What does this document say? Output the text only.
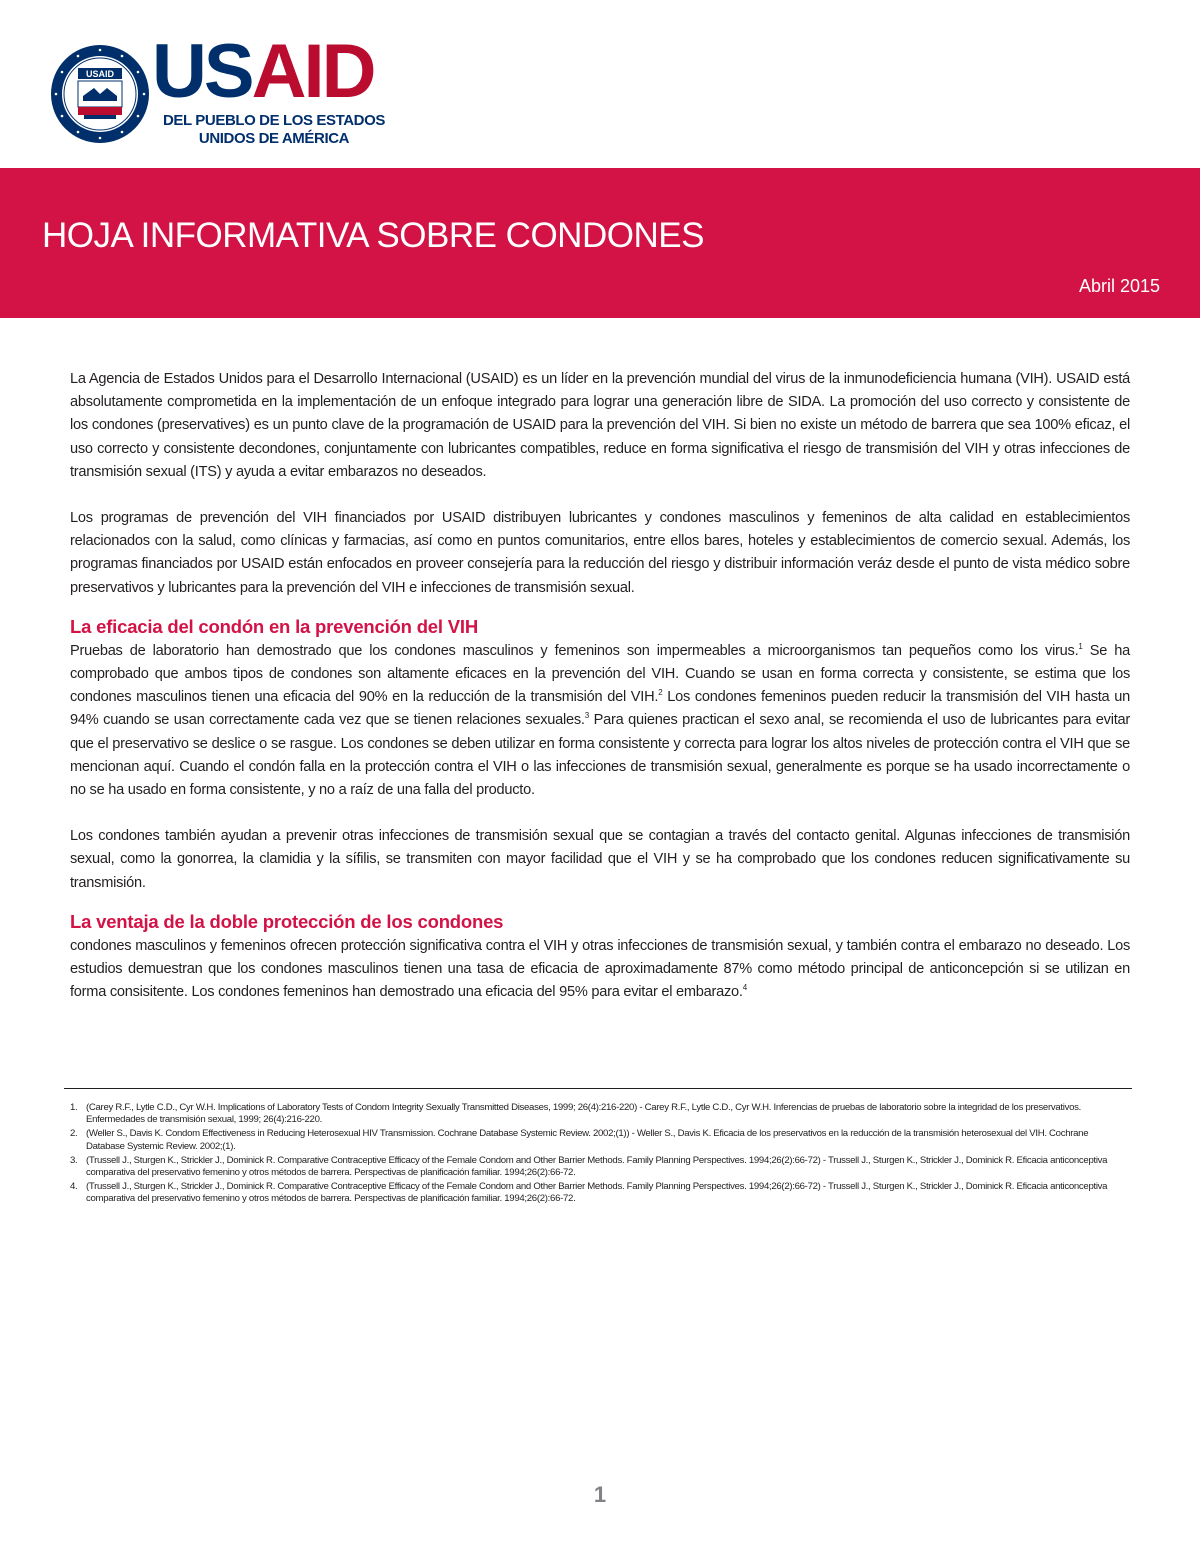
USAID USAID
DEL PUEBLO DE LOS ESTADOS
UNIDOS DE AMÉRICA
HOJA INFORMATIVA SOBRE CONDONES
Abril 2015

La Agencia de Estados Unidos para el Desarrollo Internacional (USAID) es un líder en la prevención mundial del virus de la inmunodeficiencia humana (VIH). USAID está absolutamente comprometida en la implementación de un enfoque integrado para lograr una generación libre de SIDA. La promoción del uso correcto y consistente de los condones (preservatives) es un punto clave de la programación de USAID para la prevención del VIH. Si bien no existe un método de barrera que sea 100% eficaz, el uso correcto y consistente decondones, conjuntamente con lubricantes compatibles, reduce en forma significativa el riesgo de transmisión del VIH y otras infecciones de transmisión sexual (ITS) y ayuda a evitar embarazos no deseados.

Los programas de prevención del VIH financiados por USAID distribuyen lubricantes y condones masculinos y femeninos de alta calidad en establecimientos relacionados con la salud, como clínicas y farmacias, así como en puntos comunitarios, entre ellos bares, hoteles y establecimientos de comercio sexual. Además, los programas financiados por USAID están enfocados en proveer consejería para la reducción del riesgo y distribuir información veráz desde el punto de vista médico sobre preservativos y lubricantes para la prevención del VIH e infecciones de transmisión sexual.

La eficacia del condón en la prevención del VIH

Pruebas de laboratorio han demostrado que los condones masculinos y femeninos son impermeables a microorganismos tan pequeños como los virus.$^1$ Se ha comprobado que ambos tipos de condones son altamente eficaces en la prevención del VIH. Cuando se usan en forma correcta y consistente, se estima que los condones masculinos tienen una eficacia del 90% en la reducción de la transmisión del VIH.$^2$ Los condones femeninos pueden reducir la transmisión del VIH hasta un 94% cuando se usan correctamente cada vez que se tienen relaciones sexuales.$^3$ Para quienes practican el sexo anal, se recomienda el uso de lubricantes para evitar que el preservativo se deslice o se rasgue. Los condones se deben utilizar en forma consistente y correcta para lograr los altos niveles de protección contra el VIH que se mencionan aquí. Cuando el condón falla en la protección contra el VIH o las infecciones de transmisión sexual, generalmente es porque se ha usado incorrectamente o no se ha usado en forma consistente, y no a raíz de una falla del producto.

Los condones también ayudan a prevenir otras infecciones de transmisión sexual que se contagian a través del contacto genital. Algunas infecciones de transmisión sexual, como la gonorrea, la clamidia y la sífilis, se transmiten con mayor facilidad que el VIH y se ha comprobado que los condones reducen significativamente su transmisión.

La ventaja de la doble protección de los condones

condones masculinos y femeninos ofrecen protección significativa contra el VIH y otras infecciones de transmisión sexual, y también contra el embarazo no deseado. Los estudios demuestran que los condones masculinos tienen una tasa de eficacia de aproximadamente 87% como método principal de anticoncepción si se utilizan en forma consisitente. Los condones femeninos han demostrado una eficacia del 95% para evitar el embarazo.$^4$

1. (Carey R.F., Lytle C.D., Cyr W.H. Implications of Laboratory Tests of Condom Integrity Sexually Transmitted Diseases, 1999; 26(4):216-220) - Carey R.F., Lytle C.D., Cyr W.H. Inferencias de pruebas de laboratorio sobre la integridad de los preservativos. Enfermedades de transmisión sexual, 1999; 26(4):216-220.
2. (Weller S., Davis K. Condom Effectiveness in Reducing Heterosexual HIV Transmission. Cochrane Database Systemic Review. 2002;(1)) - Weller S., Davis K. Eficacia de los preservativos en la reducción de la transmisión heterosexual del VIH. Cochrane Database Systemic Review. 2002;(1).
3. (Trussell J., Sturgen K., Strickler J., Dominick R. Comparative Contraceptive Efficacy of the Female Condom and Other Barrier Methods. Family Planning Perspectives. 1994;26(2):66-72) - Trussell J., Sturgen K., Strickler J., Dominick R. Eficacia anticonceptiva comparativa del preservativo femenino y otros métodos de barrera. Perspectivas de planificación familiar. 1994;26(2):66-72.
4. (Trussell J., Sturgen K., Strickler J., Dominick R. Comparative Contraceptive Efficacy of the Female Condom and Other Barrier Methods. Family Planning Perspectives. 1994;26(2):66-72) - Trussell J., Sturgen K., Strickler J., Dominick R. Eficacia anticonceptiva comparativa del preservativo femenino y otros métodos de barrera. Perspectivas de planificación familiar. 1994;26(2):66-72.
1
